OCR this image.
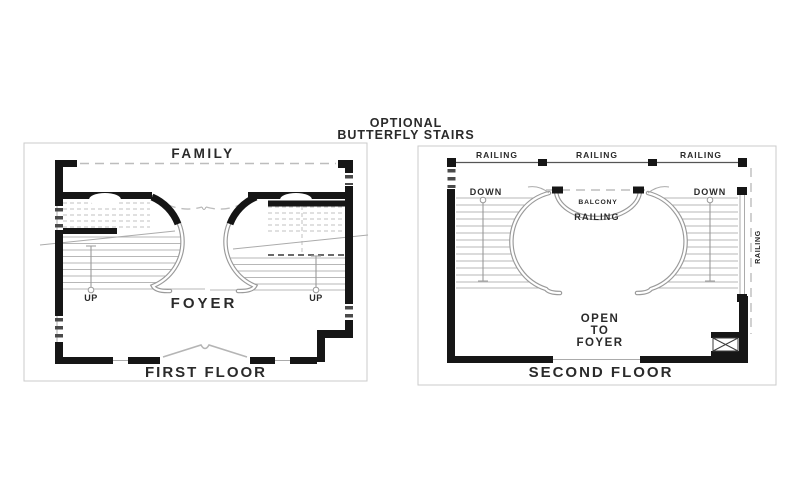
OPTIONAL
BUTTERFLY STAIRS
FAMILY
FOYER
UP	UP
FIRST FLOOR
RAILING	RAILING	RAILING
DOWN	DOWN
BALCONY
RAILING
RAILING
OPEN
TO
FOYER
SECOND FLOOR
